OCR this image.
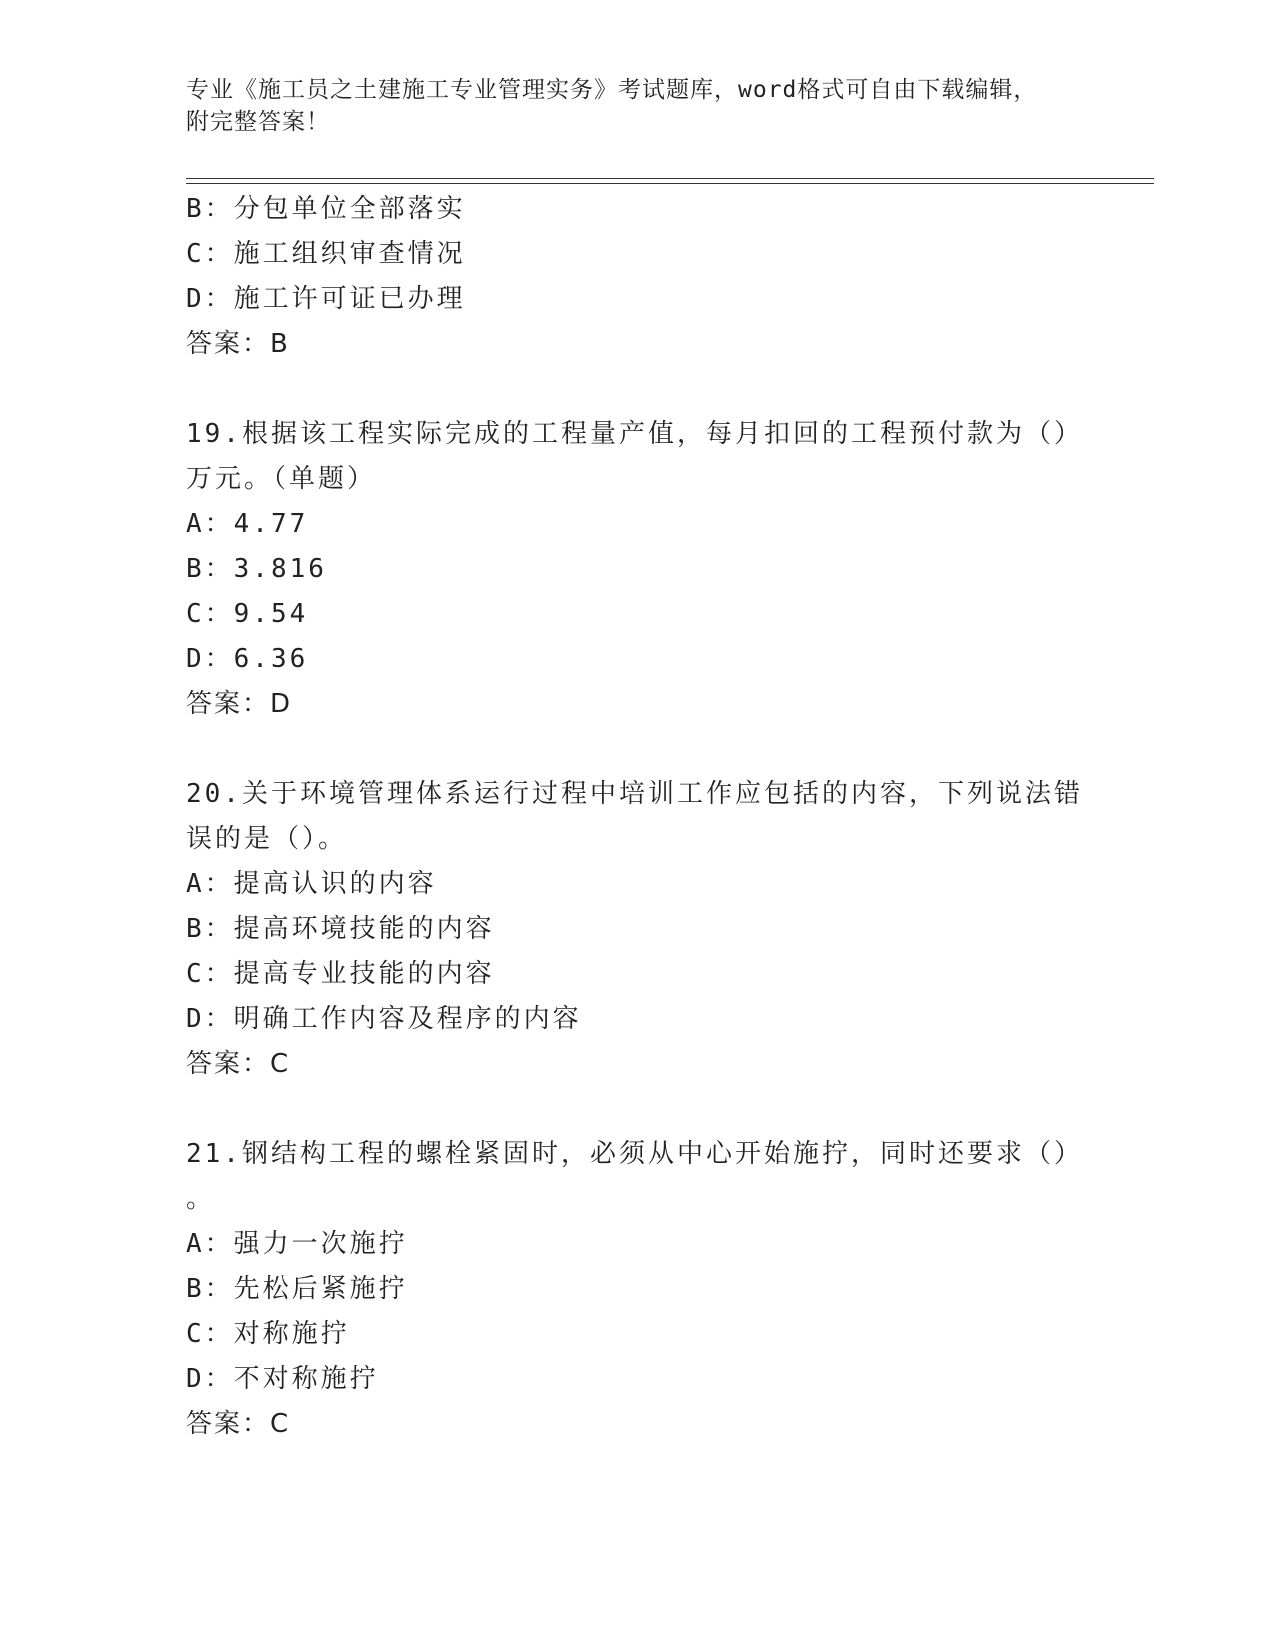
专业《施工员之土建施工专业管理实务》考试题库，word格式可自由下载编辑，
附完整答案！
B：分包单位全部落实
C：施工组织审查情况
D：施工许可证已办理
答案：B
19.根据该工程实际完成的工程量产值，每月扣回的工程预付款为（）
万元。（单题）
A：4.77
B：3.816
C：9.54
D：6.36
答案：D
20.关于环境管理体系运行过程中培训工作应包括的内容，下列说法错
误的是（）。
A：提高认识的内容
B：提高环境技能的内容
C：提高专业技能的内容
D：明确工作内容及程序的内容
答案：C
21.钢结构工程的螺栓紧固时，必须从中心开始施拧，同时还要求（）
。
A：强力一次施拧
B：先松后紧施拧
C：对称施拧
D：不对称施拧
答案：C
